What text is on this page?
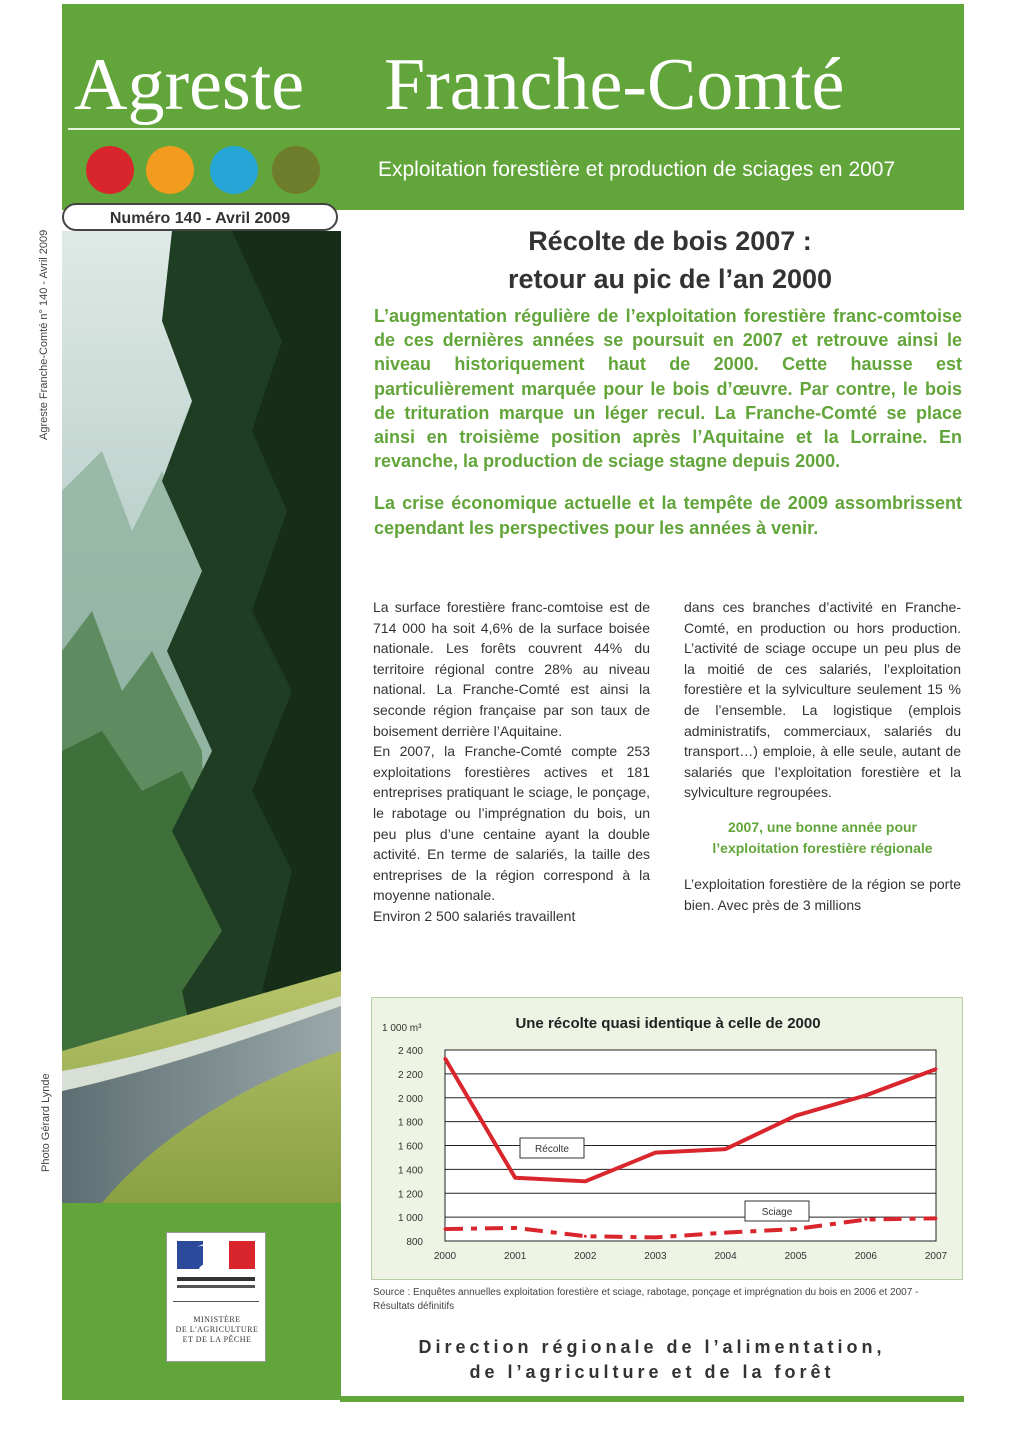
Agreste Franche-Comté
Exploitation forestière et production de sciages en 2007
Numéro 140 - Avril 2009
Agreste Franche-Comté n° 140 - Avril 2009
Photo Gérard Lynde
MINISTÈRE
DE L'AGRICULTURE
ET DE LA PÊCHE
Récolte de bois 2007 :
retour au pic de l’an 2000

L’augmentation régulière de l’exploitation forestière franc-comtoise de ces dernières années se poursuit en 2007 et retrouve ainsi le niveau historiquement haut de 2000. Cette hausse est particulièrement marquée pour le bois d’œuvre. Par contre, le bois de trituration marque un léger recul. La Franche-Comté se place ainsi en troisième position après l’Aquitaine et la Lorraine. En revanche, la production de sciage stagne depuis 2000.

La crise économique actuelle et la tempête de 2009 assombrissent cependant les perspectives pour les années à venir.

La surface forestière franc-comtoise est de 714 000 ha soit 4,6% de la surface boisée nationale. Les forêts couvrent 44% du territoire régional contre 28% au niveau national. La Franche-Comté est ainsi la seconde région française par son taux de boisement derrière l’Aquitaine.

En 2007, la Franche-Comté compte 253 exploitations forestières actives et 181 entreprises pratiquant le sciage, le ponçage, le rabotage ou l’imprégnation du bois, un peu plus d’une centaine ayant la double activité. En terme de salariés, la taille des entreprises de la région correspond à la moyenne nationale.

Environ 2 500 salariés travaillent

dans ces branches d’activité en Franche-Comté, en production ou hors production. L’activité de sciage occupe un peu plus de la moitié de ces salariés, l’exploitation forestière et la sylviculture seulement 15 % de l’ensemble. La logistique (emplois administratifs, commerciaux, salariés du transport…) emploie, à elle seule, autant de salariés que l’exploitation forestière et la sylviculture regroupées.

2007, une bonne année pour l’exploitation forestière régionale

L’exploitation forestière de la région se porte bien. Avec près de 3 millions

Une récolte quasi identique à celle de 2000
1 000 m³
800
1 000
1 200
1 400
1 600
1 800
2 000
2 200
2 400
2000	2001	2002	2003	2004	2005	2006	2007
Récolte
Sciage
Source : Enquêtes annuelles exploitation forestière et sciage, rabotage, ponçage et imprégnation du bois en 2006 et 2007 - Résultats définitifs
Direction régionale de l’alimentation,
de l’agriculture et de la forêt
